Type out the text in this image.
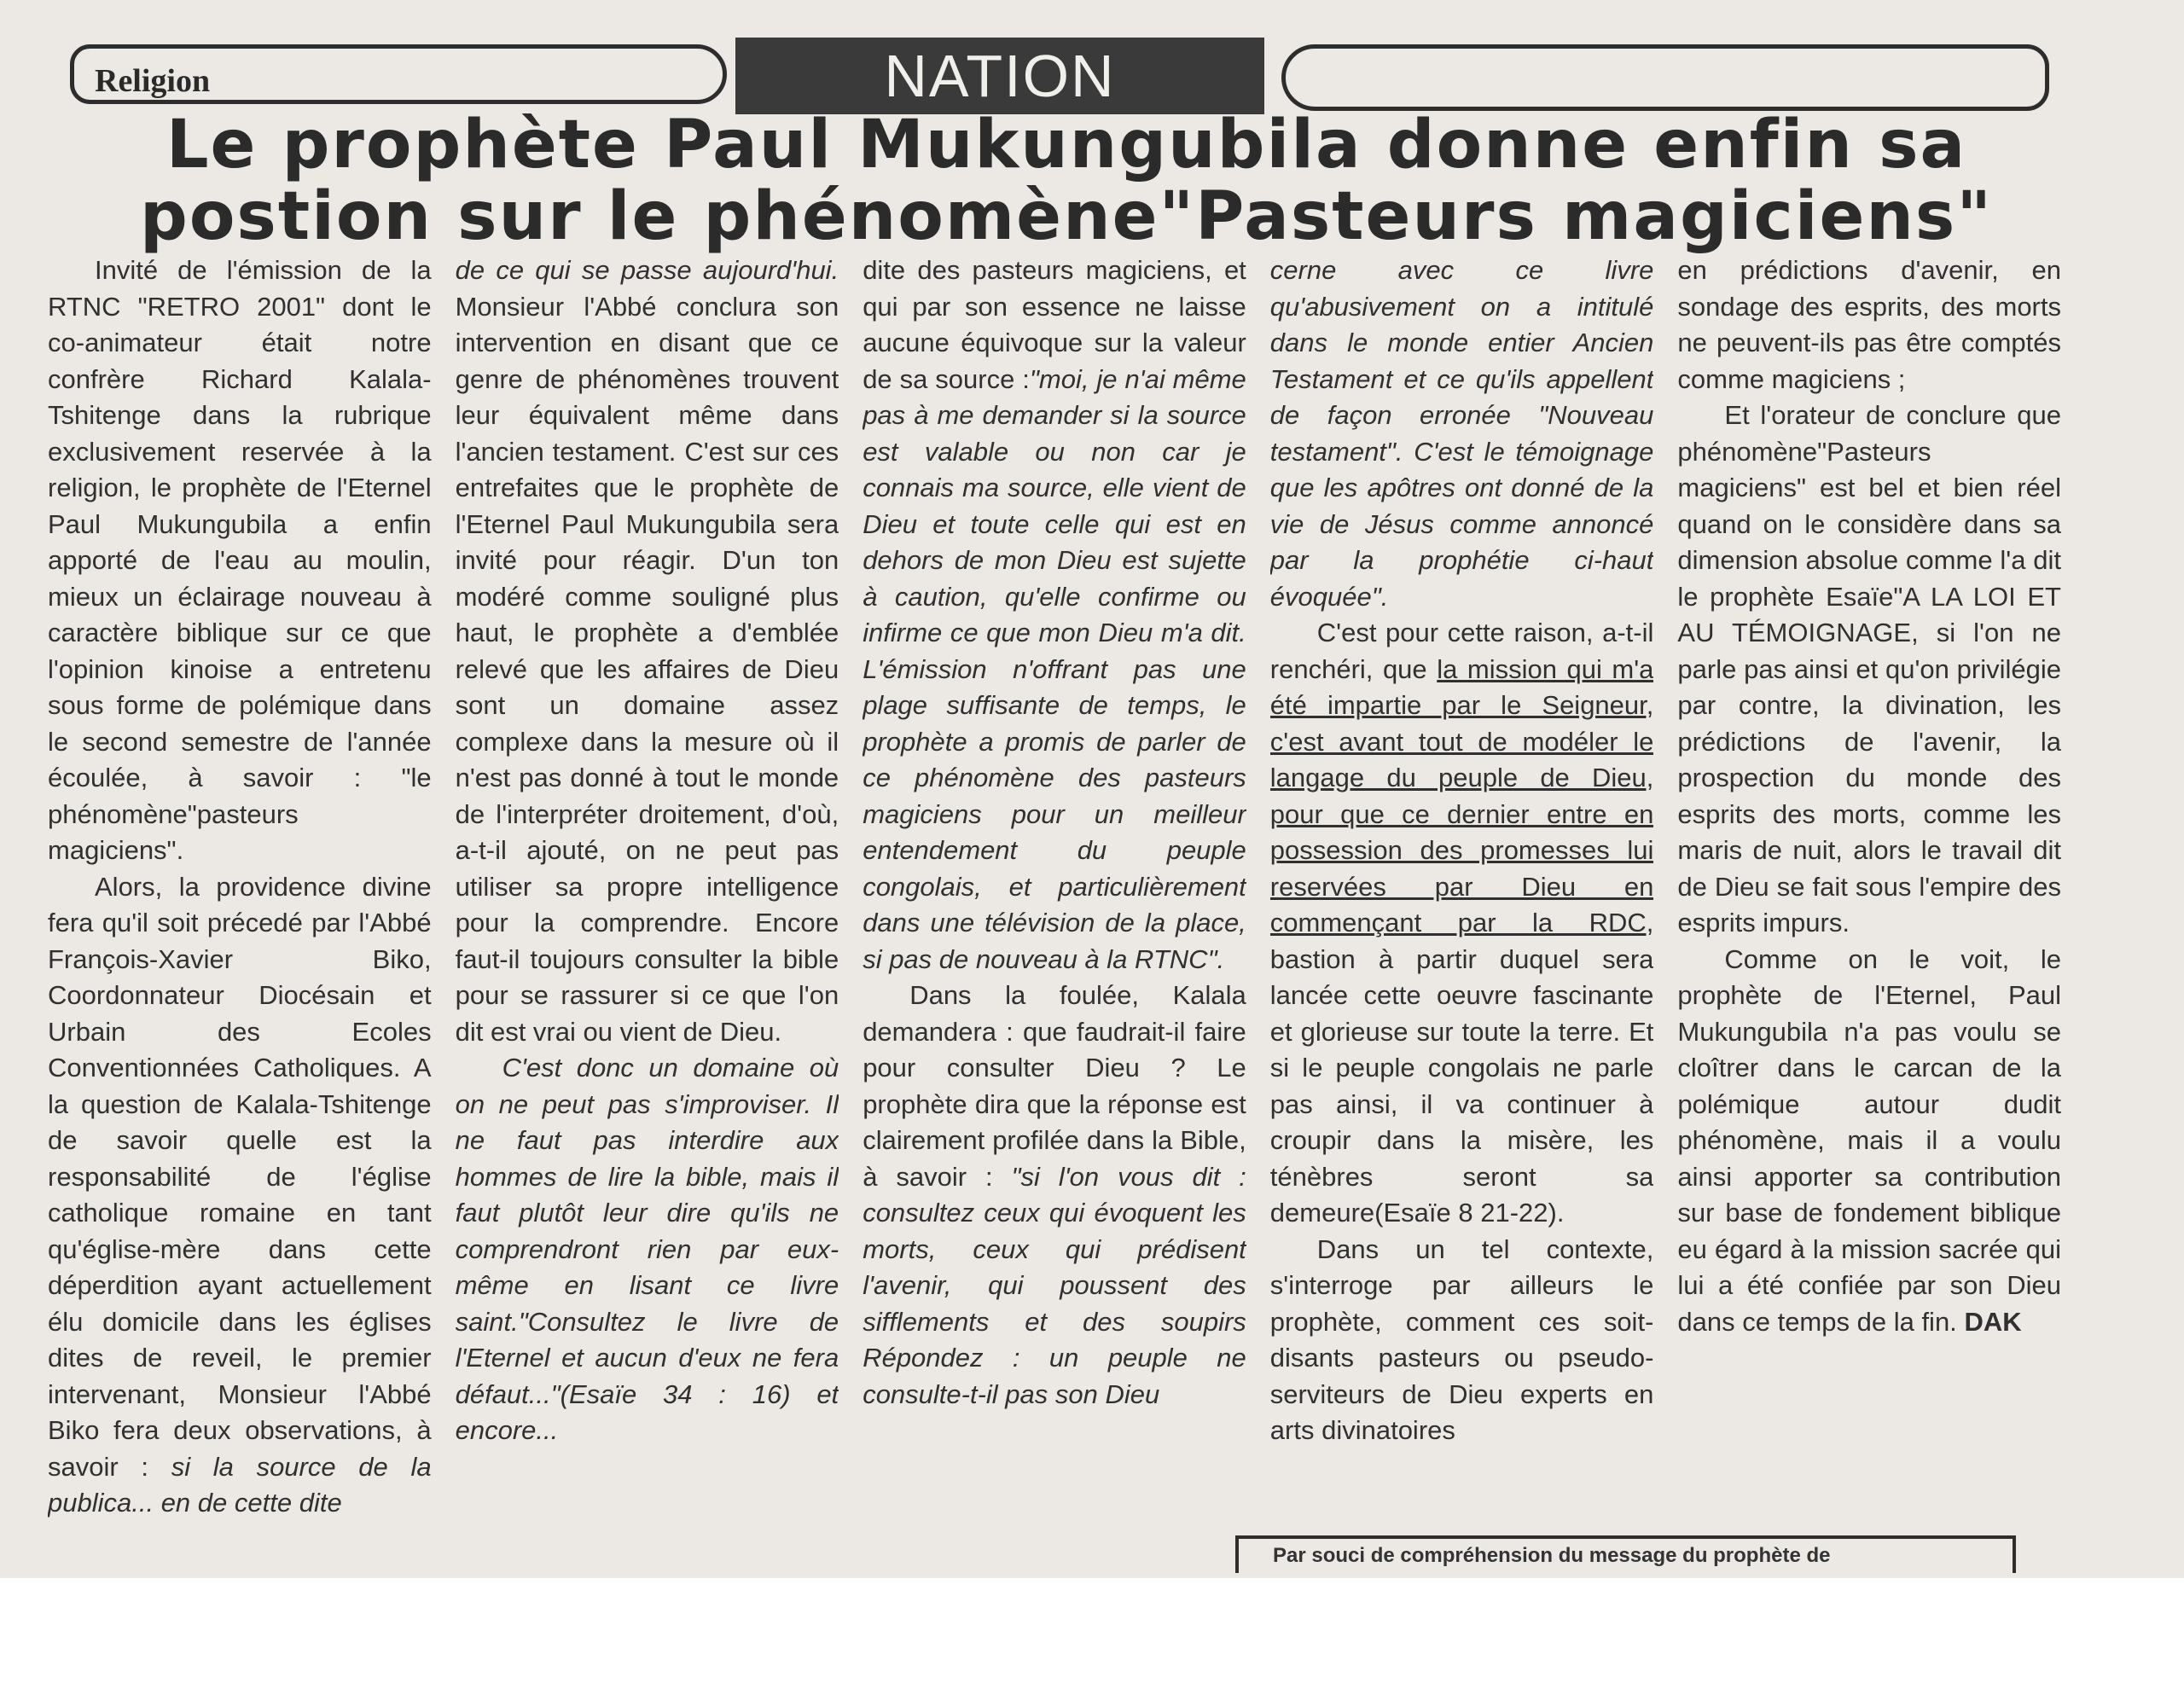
Religion	NATION
Le prophète Paul Mukungubila donne enfin sa
postion sur le phénomène"Pasteurs magiciens"

Invité de l'émission de la RTNC "RETRO 2001" dont le co-animateur était notre confrère Richard Kalala-Tshitenge dans la rubrique exclusivement reservée à la religion, le prophète de l'Eternel Paul Mukungubila a enfin apporté de l'eau au moulin, mieux un éclairage nouveau à caractère biblique sur ce que l'opinion kinoise a entretenu sous forme de polémique dans le second semestre de l'année écoulée, à savoir : "le phénomène"pasteurs magiciens".

Alors, la providence divine fera qu'il soit précedé par l'Abbé François-Xavier Biko, Coordonnateur Diocésain et Urbain des Ecoles Conventionnées Catholiques. A la question de Kalala-Tshitenge de savoir quelle est la responsabilité de l'église catholique romaine en tant qu'église-mère dans cette déperdition ayant actuellement élu domicile dans les églises dites de reveil, le premier intervenant, Monsieur l'Abbé Biko fera deux observations, à savoir : si la source de la publica... en de cette dite

de ce qui se passe aujourd'hui. Monsieur l'Abbé conclura son intervention en disant que ce genre de phénomènes trouvent leur équivalent même dans l'ancien testament. C'est sur ces entrefaites que le prophète de l'Eternel Paul Mukungubila sera invité pour réagir. D'un ton modéré comme souligné plus haut, le prophète a d'emblée relevé que les affaires de Dieu sont un domaine assez complexe dans la mesure où il n'est pas donné à tout le monde de l'interpréter droitement, d'où, a-t-il ajouté, on ne peut pas utiliser sa propre intelligence pour la comprendre. Encore faut-il toujours consulter la bible pour se rassurer si ce que l'on dit est vrai ou vient de Dieu.

C'est donc un domaine où on ne peut pas s'improviser. Il ne faut pas interdire aux hommes de lire la bible, mais il faut plutôt leur dire qu'ils ne comprendront rien par eux-même en lisant ce livre saint."Consultez le livre de l'Eternel et aucun d'eux ne fera défaut..."(Esaïe 34 : 16) et encore...

dite des pasteurs magiciens, et qui par son essence ne laisse aucune équivoque sur la valeur de sa source :"moi, je n'ai même pas à me demander si la source est valable ou non car je connais ma source, elle vient de Dieu et toute celle qui est en dehors de mon Dieu est sujette à caution, qu'elle confirme ou infirme ce que mon Dieu m'a dit. L'émission n'offrant pas une plage suffisante de temps, le prophète a promis de parler de ce phénomène des pasteurs magiciens pour un meilleur entendement du peuple congolais, et particulièrement dans une télévision de la place, si pas de nouveau à la RTNC".

Dans la foulée, Kalala demandera : que faudrait-il faire pour consulter Dieu ? Le prophète dira que la réponse est clairement profilée dans la Bible, à savoir : "si l'on vous dit : consultez ceux qui évoquent les morts, ceux qui prédisent l'avenir, qui poussent des sifflements et des soupirs Répondez : un peuple ne consulte-t-il pas son Dieu

cerne avec ce livre qu'abusivement on a intitulé dans le monde entier Ancien Testament et ce qu'ils appellent de façon erronée "Nouveau testament". C'est le témoignage que les apôtres ont donné de la vie de Jésus comme annoncé par la prophétie ci-haut évoquée".

C'est pour cette raison, a-t-il renchéri, que la mission qui m'a été impartie par le Seigneur, c'est avant tout de modéler le langage du peuple de Dieu, pour que ce dernier entre en possession des promesses lui reservées par Dieu en commençant par la RDC, bastion à partir duquel sera lancée cette oeuvre fascinante et glorieuse sur toute la terre. Et si le peuple congolais ne parle pas ainsi, il va continuer à croupir dans la misère, les ténèbres seront sa demeure(Esaïe 8 21-22).

Dans un tel contexte, s'interroge par ailleurs le prophète, comment ces soit-disants pasteurs ou pseudo-serviteurs de Dieu experts en arts divinatoires

en prédictions d'avenir, en sondage des esprits, des morts ne peuvent-ils pas être comptés comme magiciens ;

Et l'orateur de conclure que phénomène"Pasteurs magiciens" est bel et bien réel quand on le considère dans sa dimension absolue comme l'a dit le prophète Esaïe"A LA LOI ET AU TÉMOIGNAGE, si l'on ne parle pas ainsi et qu'on privilégie par contre, la divination, les prédictions de l'avenir, la prospection du monde des esprits des morts, comme les maris de nuit, alors le travail dit de Dieu se fait sous l'empire des esprits impurs.

Comme on le voit, le prophète de l'Eternel, Paul Mukungubila n'a pas voulu se cloîtrer dans le carcan de la polémique autour dudit phénomène, mais il a voulu ainsi apporter sa contribution sur base de fondement biblique eu égard à la mission sacrée qui lui a été confiée par son Dieu dans ce temps de la fin. DAK

Par souci de compréhension du message du prophète de
